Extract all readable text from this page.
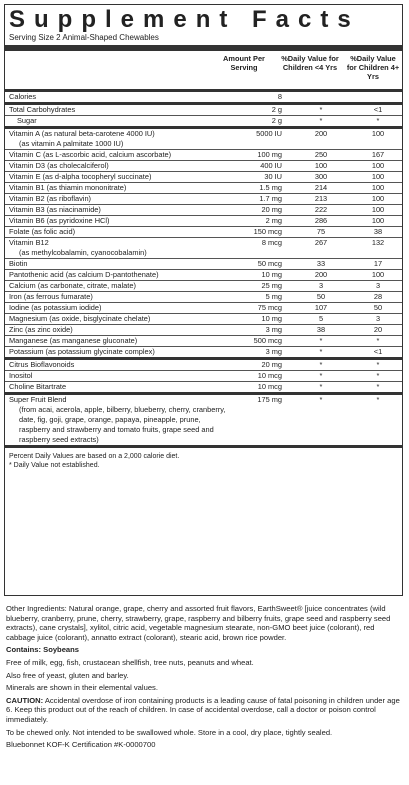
Supplement Facts
Serving Size 2 Animal-Shaped Chewables
Amount Per Serving
%Daily Value for Children <4 Yrs
%Daily Value for Children 4+ Yrs
Calories	8		

Total Carbohydrates	2 g	*	<1

Sugar	2 g	*	*

Vitamin A (as natural beta-carotene 4000 IU)
(as vitamin A palmitate 1000 IU)	5000 IU	200	100

Vitamin C (as L-ascorbic acid, calcium ascorbate)	100 mg	250	167

Vitamin D3 (as cholecalciferol)	400 IU	100	100

Vitamin E (as d-alpha tocopheryl succinate)	30 IU	300	100

Vitamin B1 (as thiamin mononitrate)	1.5 mg	214	100

Vitamin B2 (as riboflavin)	1.7 mg	213	100

Vitamin B3 (as niacinamide)	20 mg	222	100

Vitamin B6 (as pyridoxine HCl)	2 mg	286	100

Folate (as folic acid)	150 mcg	75	38

Vitamin B12
(as methylcobalamin, cyanocobalamin)	8 mcg	267	132

Biotin	50 mcg	33	17

Pantothenic acid (as calcium D-pantothenate)	10 mg	200	100

Calcium (as carbonate, citrate, malate)	25 mg	3	3

Iron (as ferrous fumarate)	5 mg	50	28

Iodine (as potassium iodide)	75 mcg	107	50

Magnesium (as oxide, bisglycinate chelate)	10 mg	5	3

Zinc (as zinc oxide)	3 mg	38	20

Manganese (as manganese gluconate)	500 mcg	*	*

Potassium (as potassium glycinate complex)	3 mg	*	<1

Citrus Bioflavonoids	20 mg	*	*

Inositol	10 mcg	*	*

Choline Bitartrate	10 mcg	*	*

Super Fruit Blend
(from acai, acerola, apple, bilberry, blueberry, cherry, cranberry, date, fig, goji, grape, orange, papaya, pineapple, prune, raspberry and strawberry and tomato fruits, grape seed and raspberry seed extracts)	175 mg	*	*
Percent Daily Values are based on a 2,000 calorie diet.
* Daily Value not established.

Other Ingredients: Natural orange, grape, cherry and assorted fruit flavors, EarthSweet® [juice concentrates (wild blueberry, cranberry, prune, cherry, strawberry, grape, raspberry and bilberry fruits, grape seed and raspberry seed extracts), cane crystals], xylitol, citric acid, vegetable magnesium stearate, non-GMO beet juice (colorant), red cabbage juice (colorant), annatto extract (colorant), stearic acid, brown rice powder.

Contains: Soybeans

Free of milk, egg, fish, crustacean shellfish, tree nuts, peanuts and wheat.

Also free of yeast, gluten and barley.

Minerals are shown in their elemental values.

CAUTION: Accidental overdose of iron containing products is a leading cause of fatal poisoning in children under age 6. Keep this product out of the reach of children. In case of accidental overdose, call a doctor or poison control immediately.

To be chewed only. Not intended to be swallowed whole. Store in a cool, dry place, tightly sealed.

Bluebonnet KOF-K Certification #K-0000700
